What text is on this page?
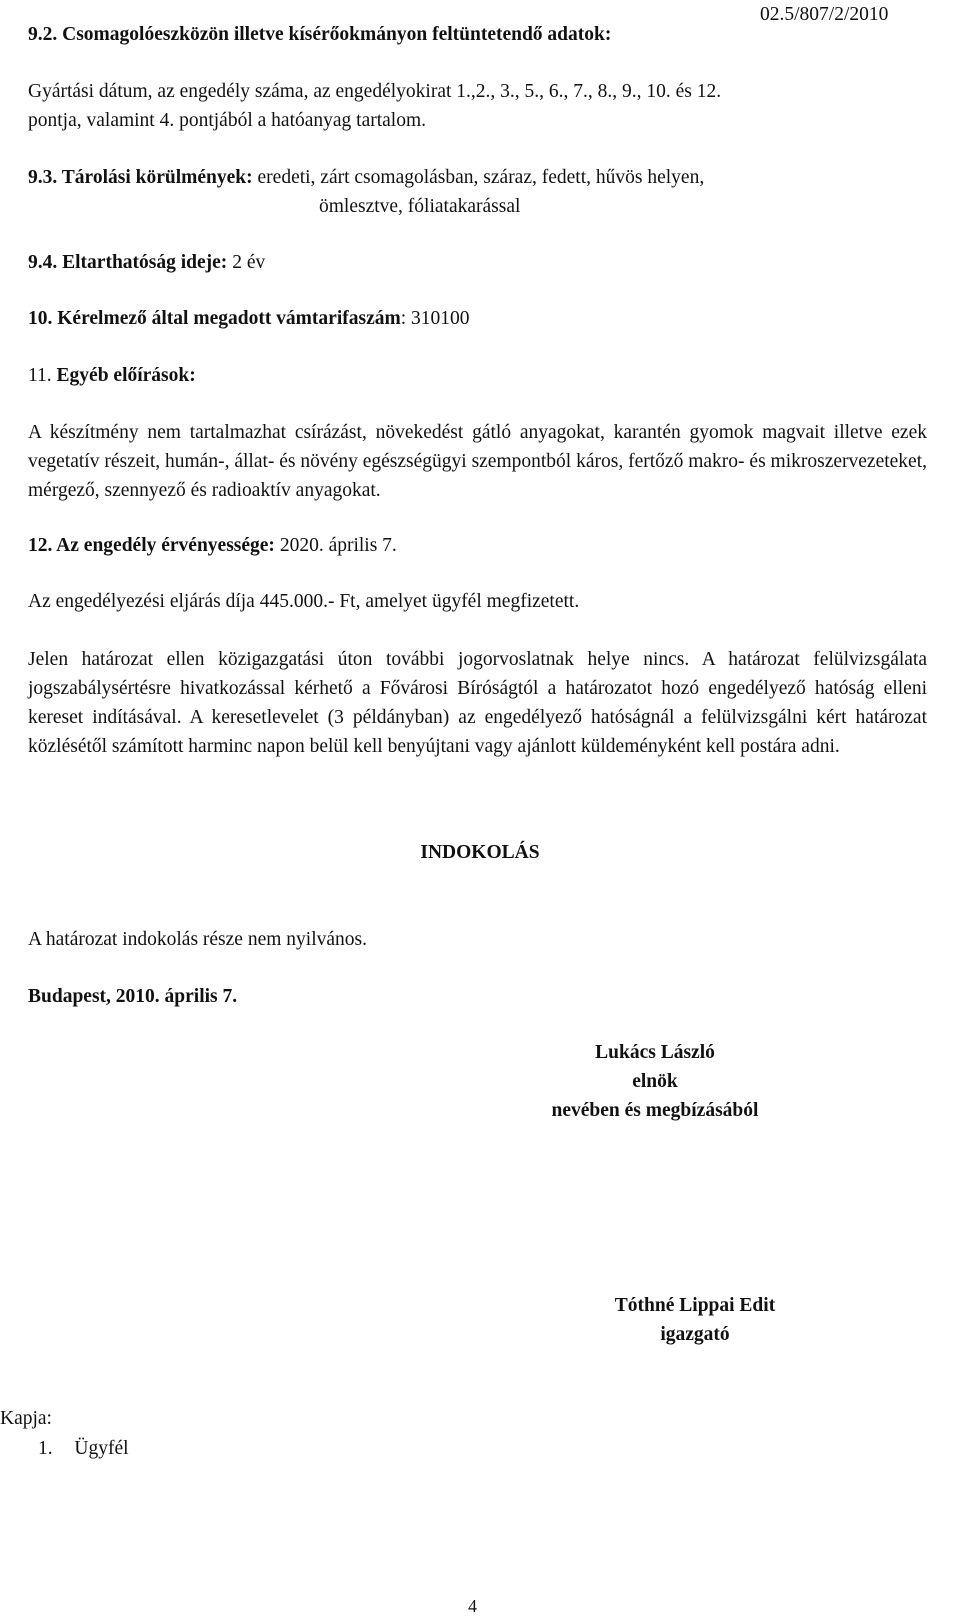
9.2. Csomagolóeszközön illetve kísérőokmányon feltüntetendő adatok:
02.5/807/2/2010
Gyártási dátum, az engedély száma, az engedélyokirat 1.,2., 3., 5., 6., 7., 8., 9., 10. és 12.
pontja, valamint 4. pontjából a hatóanyag tartalom.
9.3. Tárolási körülmények: eredeti, zárt csomagolásban, száraz, fedett, hűvös helyen,
ömlesztve, fóliatakarással
9.4. Eltarthatóság ideje: 2 év
10. Kérelmező által megadott vámtarifaszám: 310100
11. Egyéb előírások:
A készítmény nem tartalmazhat csírázást, növekedést gátló anyagokat, karantén gyomok magvait illetve ezek vegetatív részeit, humán-, állat- és növény egészségügyi szempontból káros, fertőző makro- és mikroszervezeteket, mérgező, szennyező és radioaktív anyagokat.
12. Az engedély érvényessége: 2020. április 7.
Az engedélyezési eljárás díja 445.000.- Ft, amelyet ügyfél megfizetett.
Jelen határozat ellen közigazgatási úton további jogorvoslatnak helye nincs. A határozat felülvizsgálata jogszabálysértésre hivatkozással kérhető a Fővárosi Bíróságtól a határozatot hozó engedélyező hatóság elleni kereset indításával. A keresetlevelet (3 példányban) az engedélyező hatóságnál a felülvizsgálni kért határozat közlésétől számított harminc napon belül kell benyújtani vagy ajánlott küldeményként kell postára adni.
INDOKOLÁS
A határozat indokolás része nem nyilvános.
Budapest, 2010. április 7.
Lukács László
elnök
nevében és megbízásából
Tóthné Lippai Edit
igazgató
Kapja:
1. Ügyfél
4
